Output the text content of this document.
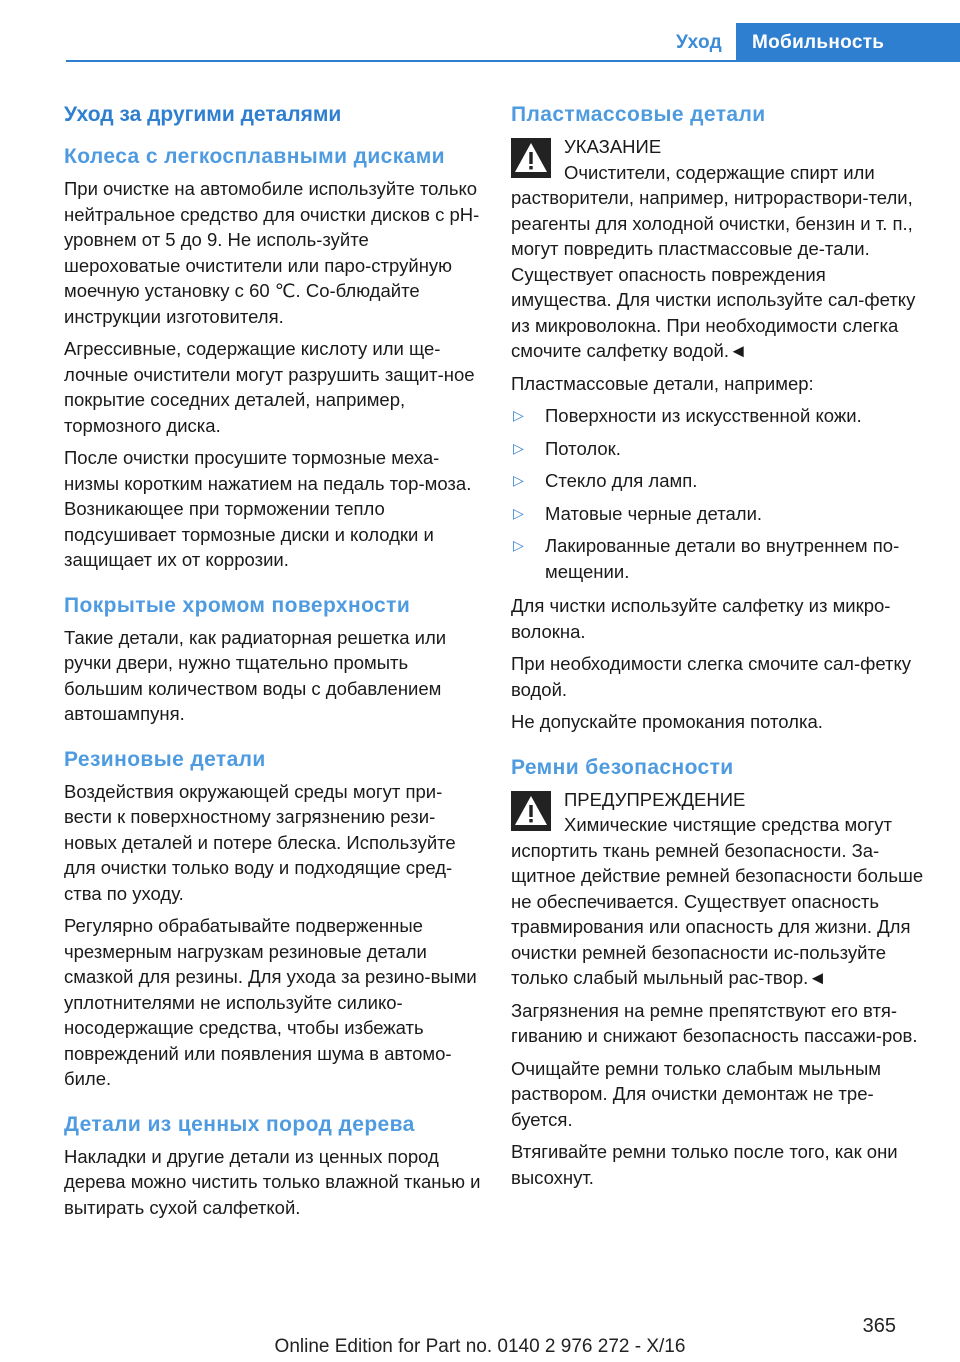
Уход	Мобильность
Уход за другими деталями
Колеса с легкосплавными дисками

При очистке на автомобиле используйте только нейтральное средство для очистки дисков с pH-уровнем от 5 до 9. Не исполь-зуйте шероховатые очистители или паро-струйную моечную установку с 60 ℃. Со-блюдайте инструкции изготовителя.

Агрессивные, содержащие кислоту или ще-лочные очистители могут разрушить защит-ное покрытие соседних деталей, например, тормозного диска.

После очистки просушите тормозные меха-низмы коротким нажатием на педаль тор-моза. Возникающее при торможении тепло подсушивает тормозные диски и колодки и защищает их от коррозии.

Покрытые хромом поверхности

Такие детали, как радиаторная решетка или ручки двери, нужно тщательно промыть большим количеством воды с добавлением автошампуня.

Резиновые детали

Воздействия окружающей среды могут при-вести к поверхностному загрязнению рези-новых деталей и потере блеска. Используйте для очистки только воду и подходящие сред-ства по уходу.

Регулярно обрабатывайте подверженные чрезмерным нагрузкам резиновые детали смазкой для резины. Для ухода за резино-выми уплотнителями не используйте силико-носодержащие средства, чтобы избежать повреждений или появления шума в автомо-биле.

Детали из ценных пород дерева

Накладки и другие детали из ценных пород дерева можно чистить только влажной тканью и вытирать сухой салфеткой.

Пластмассовые детали

УКАЗАНИЕ

Очистители, содержащие спирт или растворители, например, нитрораствори-тели, реагенты для холодной очистки, бензин и т. п., могут повредить пластмассовые де-тали. Существует опасность повреждения имущества. Для чистки используйте сал-фетку из микроволокна. При необходимости слегка смочите салфетку водой.◄

Пластмассовые детали, например:

▷ Поверхности из искусственной кожи.
▷ Потолок.
▷ Стекло для ламп.
▷ Матовые черные детали.
▷ Лакированные детали во внутреннем по-мещении.

Для чистки используйте салфетку из микро-волокна.

При необходимости слегка смочите сал-фетку водой.

Не допускайте промокания потолка.

Ремни безопасности

ПРЕДУПРЕЖДЕНИЕ

Химические чистящие средства могут испортить ткань ремней безопасности. За-щитное действие ремней безопасности больше не обеспечивается. Существует опасность травмирования или опасность для жизни. Для очистки ремней безопасности ис-пользуйте только слабый мыльный рас-твор.◄

Загрязнения на ремне препятствуют его втя-гиванию и снижают безопасность пассажи-ров.

Очищайте ремни только слабым мыльным раствором. Для очистки демонтаж не тре-буется.

Втягивайте ремни только после того, как они высохнут.

365
Online Edition for Part no. 0140 2 976 272 - X/16
